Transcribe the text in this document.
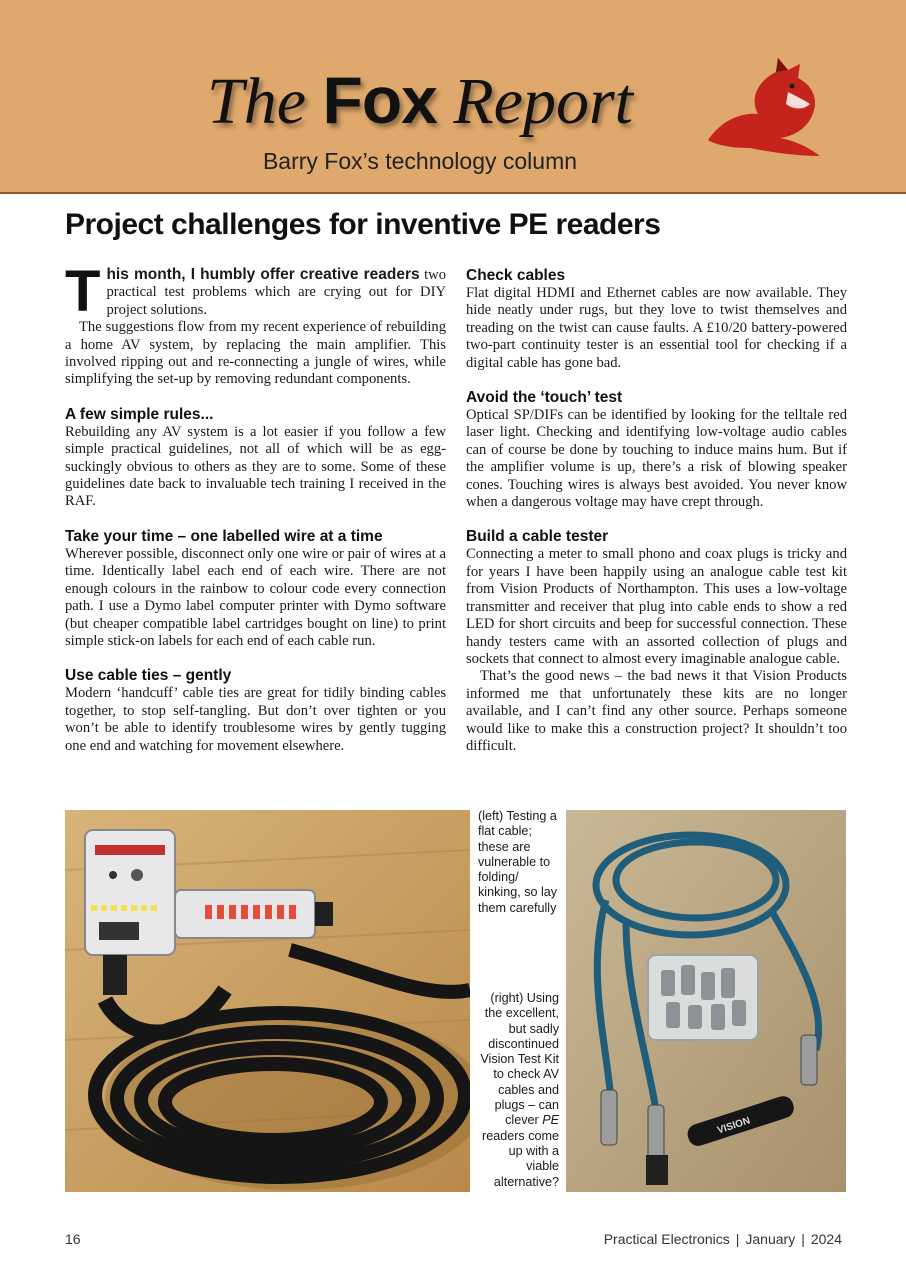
The Fox Report
Barry Fox’s technology column
Project challenges for inventive PE readers

This month, I humbly offer creative readers two practical test problems which are crying out for DIY project solutions.

The suggestions flow from my recent experience of rebuilding a home AV system, by replacing the main amplifier. This involved ripping out and re-connecting a jungle of wires, while simplifying the set-up by removing redundant components.

A few simple rules...

Rebuilding any AV system is a lot easier if you follow a few simple practical guidelines, not all of which will be as egg-suckingly obvious to others as they are to some. Some of these guidelines date back to invaluable tech training I received in the RAF.

Take your time – one labelled wire at a time

Wherever possible, disconnect only one wire or pair of wires at a time. Identically label each end of each wire. There are not enough colours in the rainbow to colour code every connection path. I use a Dymo label computer printer with Dymo software (but cheaper compatible label cartridges bought on line) to print simple stick-on labels for each end of each cable run.

Use cable ties – gently

Modern ‘handcuff’ cable ties are great for tidily binding cables together, to stop self-tangling. But don’t over tighten or you won’t be able to identify troublesome wires by gently tugging one end and watching for movement elsewhere.

Check cables

Flat digital HDMI and Ethernet cables are now available. They hide neatly under rugs, but they love to twist themselves and treading on the twist can cause faults. A £10/20 battery-powered two-part continuity tester is an essential tool for checking if a digital cable has gone bad.

Avoid the ‘touch’ test

Optical SP/DIFs can be identified by looking for the telltale red laser light. Checking and identifying low-voltage audio cables can of course be done by touching to induce mains hum. But if the amplifier volume is up, there’s a risk of blowing speaker cones. Touching wires is always best avoided. You never know when a dangerous voltage may have crept through.

Build a cable tester

Connecting a meter to small phono and coax plugs is tricky and for years I have been happily using an analogue cable test kit from Vision Products of Northampton. This uses a low-voltage transmitter and receiver that plug into cable ends to show a red LED for short circuits and beep for successful connection. These handy testers came with an assorted collection of plugs and sockets that connect to almost every imaginable analogue cable.

That’s the good news – the bad news it that Vision Products informed me that unfortunately these kits are no longer available, and I can’t find any other source. Perhaps someone would like to make this a construction project? It shouldn’t too difficult.

(left) Testing a flat cable; these are vulnerable to folding/ kinking, so lay them carefully
(right) Using the excellent, but sadly discontinued Vision Test Kit to check AV cables and plugs – can clever PE readers come up with a viable alternative?
VISION
16	Practical Electronics | January | 2024
